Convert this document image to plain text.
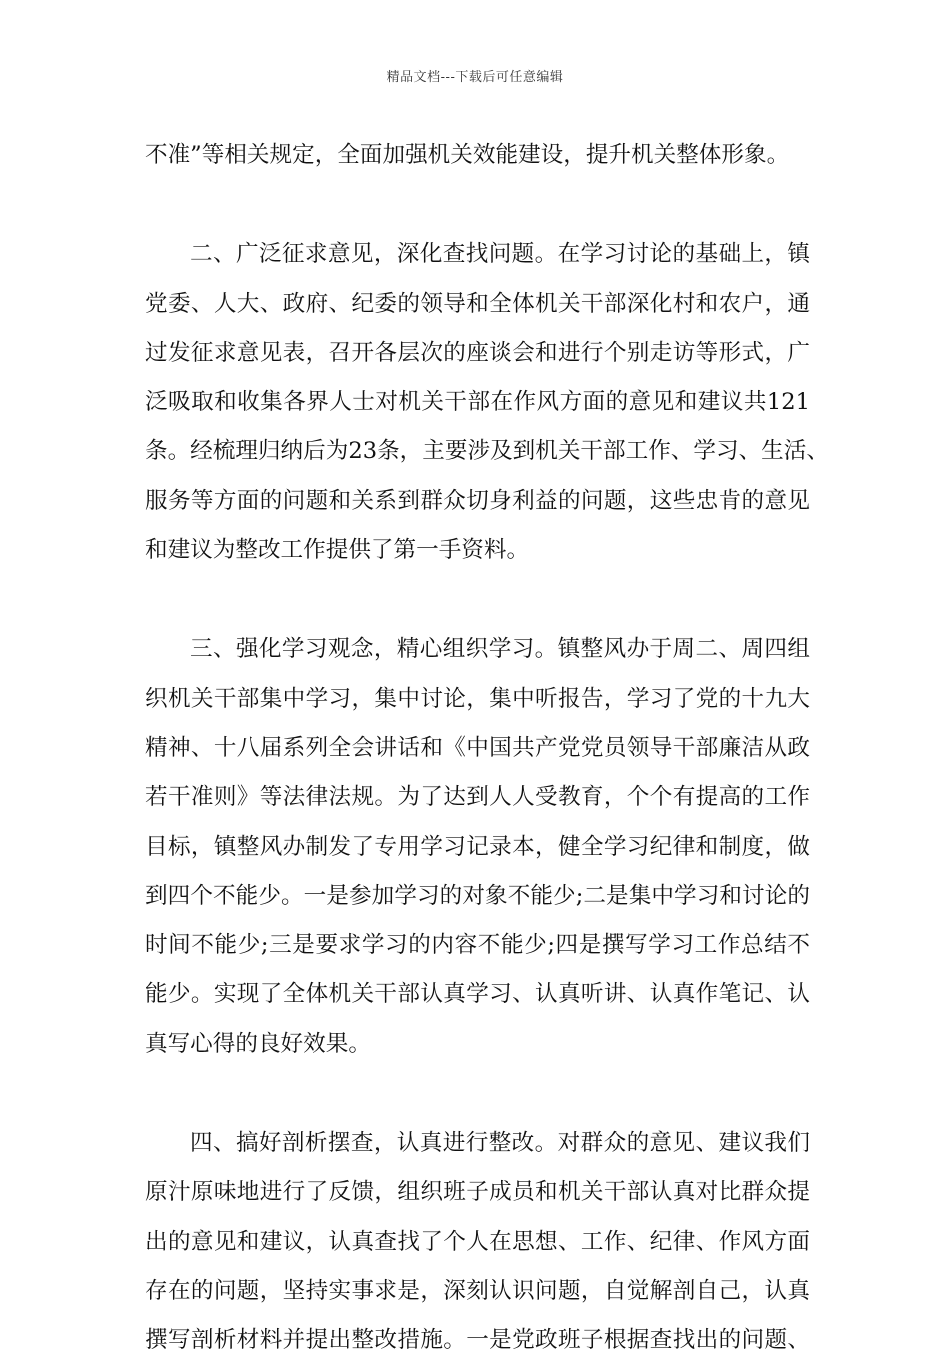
精品文档---下载后可任意编辑
不准”等相关规定，全面加强机关效能建设，提升机关整体形象。
二、广泛征求意见，深化查找问题。在学习讨论的基础上，镇
党委、人大、政府、纪委的领导和全体机关干部深化村和农户，通
过发征求意见表，召开各层次的座谈会和进行个别走访等形式，广
泛吸取和收集各界人士对机关干部在作风方面的意见和建议共121
条。经梳理归纳后为23条，主要涉及到机关干部工作、学习、生活、
服务等方面的问题和关系到群众切身利益的问题，这些忠肯的意见
和建议为整改工作提供了第一手资料。
三、强化学习观念，精心组织学习。镇整风办于周二、周四组
织机关干部集中学习，集中讨论，集中听报告，学习了党的十九大
精神、十八届系列全会讲话和《中国共产党党员领导干部廉洁从政
若干准则》等法律法规。为了达到人人受教育，个个有提高的工作
目标，镇整风办制发了专用学习记录本，健全学习纪律和制度，做
到四个不能少。一是参加学习的对象不能少;二是集中学习和讨论的
时间不能少;三是要求学习的内容不能少;四是撰写学习工作总结不
能少。实现了全体机关干部认真学习、认真听讲、认真作笔记、认
真写心得的良好效果。
四、搞好剖析摆查，认真进行整改。对群众的意见、建议我们
原汁原味地进行了反馈，组织班子成员和机关干部认真对比群众提
出的意见和建议，认真查找了个人在思想、工作、纪律、作风方面
存在的问题，坚持实事求是，深刻认识问题，自觉解剖自己，认真
撰写剖析材料并提出整改措施。一是党政班子根据查找出的问题、
